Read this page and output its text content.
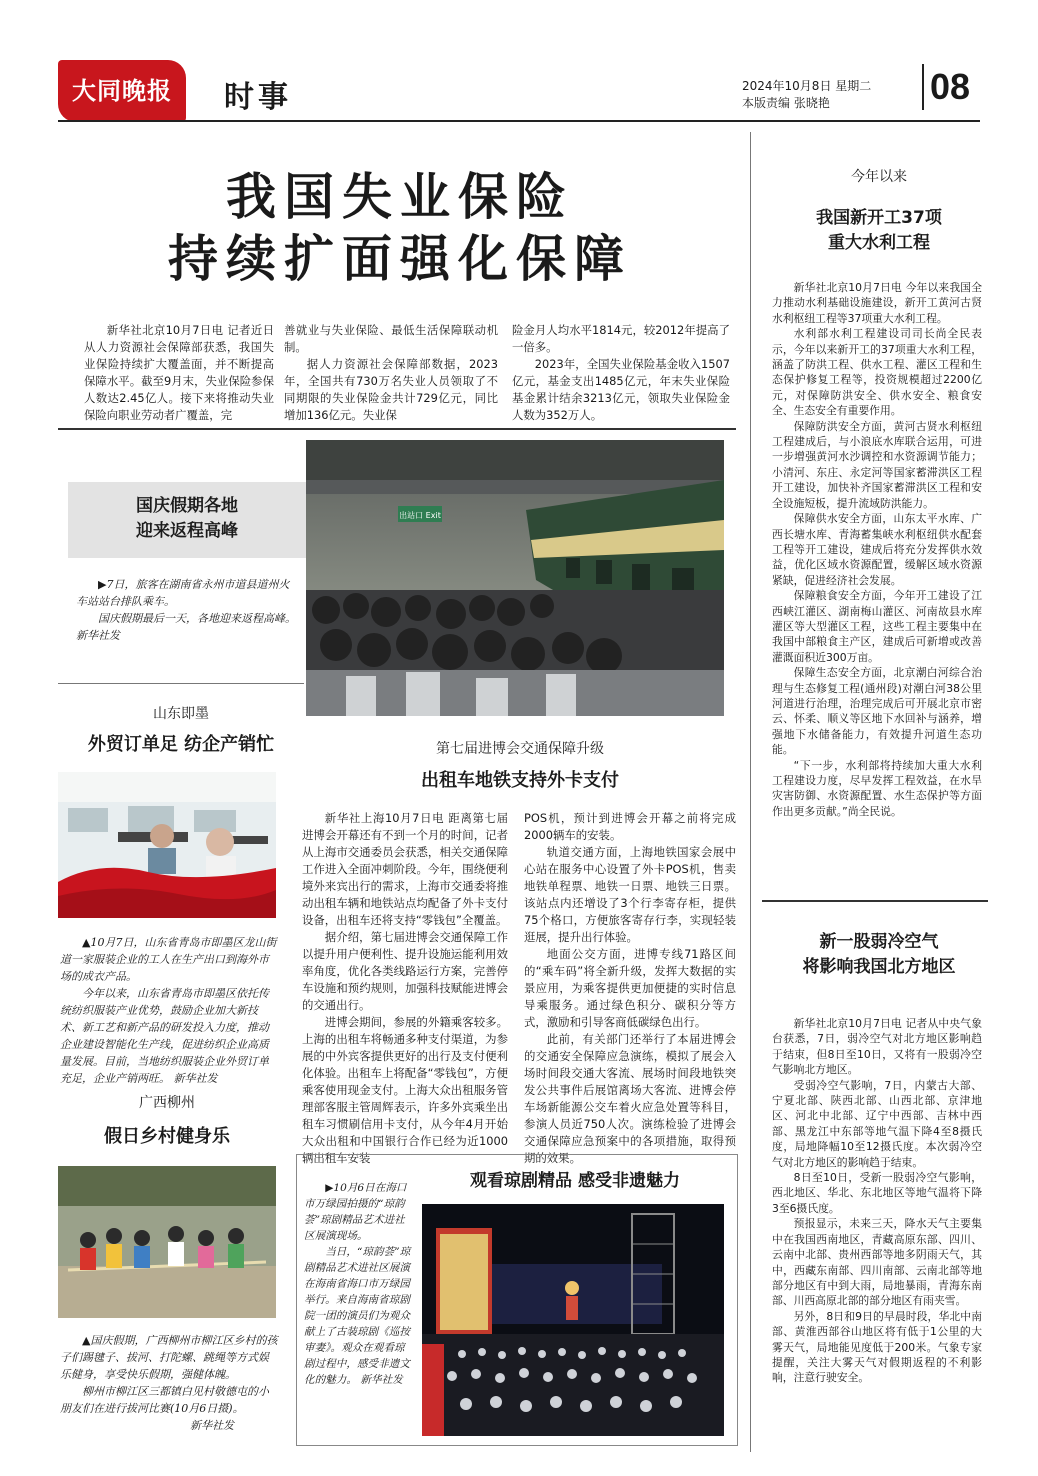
大同晚报	时事	2024年10月8日 星期二
本版责编 张晓艳	08
我国失业保险
持续扩面强化保障

新华社北京10月7日电 记者近日从人力资源社会保障部获悉，我国失业保险持续扩大覆盖面，并不断提高保障水平。截至9月末，失业保险参保人数达2.45亿人。接下来将推动失业保险向职业劳动者广覆盖，完

善就业与失业保险、最低生活保障联动机制。

据人力资源社会保障部数据，2023年，全国共有730万名失业人员领取了不同期限的失业保险金共计729亿元，同比增加136亿元。失业保

险金月人均水平1814元，较2012年提高了一倍多。

2023年，全国失业保险基金收入1507亿元，基金支出1485亿元，年末失业保险基金累计结余3213亿元，领取失业保险金人数为352万人。

国庆假期各地
迎来返程高峰
出站口 Exit

▶7日，旅客在湖南省永州市道县道州火车站站台排队乘车。

国庆假期最后一天，各地迎来返程高峰。 新华社发

山东即墨
外贸订单足 纺企产销忙

▲10月7日，山东省青岛市即墨区龙山街道一家服装企业的工人在生产出口到海外市场的成衣产品。

今年以来，山东省青岛市即墨区依托传统纺织服装产业优势，鼓励企业加大新技术、新工艺和新产品的研发投入力度，推动企业建设智能化生产线，促进纺织企业高质量发展。目前，当地纺织服装企业外贸订单充足，企业产销两旺。 新华社发

广西柳州
假日乡村健身乐

▲国庆假期，广西柳州市柳江区乡村的孩子们踢毽子、拔河、打陀螺、跳绳等方式娱乐健身，享受快乐假期，强健体魄。

柳州市柳江区三都镇白见村敬德屯的小朋友们在进行拔河比赛(10月6日摄)。

新华社发
第七届进博会交通保障升级
出租车地铁支持外卡支付

新华社上海10月7日电 距离第七届进博会开幕还有不到一个月的时间，记者从上海市交通委员会获悉，相关交通保障工作进入全面冲刺阶段。今年，围绕便利境外来宾出行的需求，上海市交通委将推动出租车辆和地铁站点均配备了外卡支付设备，出租车还将支持“零钱包”全覆盖。

据介绍，第七届进博会交通保障工作以提升用户便利性、提升设施运能利用效率角度，优化各类线路运行方案，完善停车设施和预约规则，加强科技赋能进博会的交通出行。

进博会期间，参展的外籍乘客较多。上海的出租车将畅通多种支付渠道，为参展的中外宾客提供更好的出行及支付便利化体验。出租车上将配备“零钱包”，方便乘客使用现金支付。上海大众出租服务管理部客服主管周辉表示，许多外宾乘坐出租车习惯刷信用卡支付，从今年4月开始大众出租和中国银行合作已经为近1000辆出租车安装

POS机，预计到进博会开幕之前将完成2000辆车的安装。

轨道交通方面，上海地铁国家会展中心站在服务中心设置了外卡POS机，售卖地铁单程票、地铁一日票、地铁三日票。该站点内还增设了3个行李寄存柜，提供75个格口，方便旅客寄存行李，实现轻装逛展，提升出行体验。

地面公交方面，进博专线71路区间的“乘车码”将全新升级，发挥大数据的实景应用，为乘客提供更加便捷的实时信息导乘服务。通过绿色积分、碳积分等方式，激励和引导客商低碳绿色出行。

此前，有关部门还举行了本届进博会的交通安全保障应急演练，模拟了展会入场时间段交通大客流、展场时间段地铁突发公共事件后展馆离场大客流、进博会停车场新能源公交车着火应急处置等科目，参演人员近750人次。演练检验了进博会交通保障应急预案中的各项措施，取得预期的效果。

观看琼剧精品 感受非遗魅力

▶10月6日在海口市万绿园拍摄的“琼韵荟”琼剧精品艺术进社区展演现场。

当日，“琼韵荟”琼剧精品艺术进社区展演在海南省海口市万绿园举行。来自海南省琼剧院一团的演员们为观众献上了古装琼剧《巡按审妻》。观众在观看琼剧过程中，感受非遗文化的魅力。 新华社发

今年以来
我国新开工37项
重大水利工程

新华社北京10月7日电 今年以来我国全力推动水利基础设施建设，新开工黄河古贤水利枢纽工程等37项重大水利工程。

水利部水利工程建设司司长尚全民表示，今年以来新开工的37项重大水利工程，涵盖了防洪工程、供水工程、灌区工程和生态保护修复工程等，投资规模超过2200亿元，对保障防洪安全、供水安全、粮食安全、生态安全有重要作用。

保障防洪安全方面，黄河古贤水利枢纽工程建成后，与小浪底水库联合运用，可进一步增强黄河水沙调控和水资源调节能力；小清河、东庄、永定河等国家蓄滞洪区工程开工建设，加快补齐国家蓄滞洪区工程和安全设施短板，提升流域防洪能力。

保障供水安全方面，山东太平水库、广西长塘水库、青海蓄集峡水利枢纽供水配套工程等开工建设，建成后将充分发挥供水效益，优化区域水资源配置，缓解区域水资源紧缺，促进经济社会发展。

保障粮食安全方面，今年开工建设了江西峡江灌区、湖南梅山灌区、河南故县水库灌区等大型灌区工程，这些工程主要集中在我国中部粮食主产区，建成后可新增或改善灌溉面积近300万亩。

保障生态安全方面，北京潮白河综合治理与生态修复工程(通州段)对潮白河38公里河道进行治理，治理完成后可开展北京市密云、怀柔、顺义等区地下水回补与涵养，增强地下水储备能力，有效提升河道生态功能。

“下一步，水利部将持续加大重大水利工程建设力度，尽早发挥工程效益，在水旱灾害防御、水资源配置、水生态保护等方面作出更多贡献。”尚全民说。

新一股弱冷空气
将影响我国北方地区

新华社北京10月7日电 记者从中央气象台获悉，7日，弱冷空气对北方地区影响趋于结束，但8日至10日，又将有一股弱冷空气影响北方地区。

受弱冷空气影响，7日，内蒙古大部、宁夏北部、陕西北部、山西北部、京津地区、河北中北部、辽宁中西部、吉林中西部、黑龙江中东部等地气温下降4至8摄氏度，局地降幅10至12摄氏度。本次弱冷空气对北方地区的影响趋于结束。

8日至10日，受新一股弱冷空气影响，西北地区、华北、东北地区等地气温将下降3至6摄氏度。

预报显示，未来三天，降水天气主要集中在我国西南地区，青藏高原东部、四川、云南中北部、贵州西部等地多阴雨天气，其中，西藏东南部、四川南部、云南北部等地部分地区有中到大雨，局地暴雨，青海东南部、川西高原北部的部分地区有雨夹雪。

另外，8日和9日的早晨时段，华北中南部、黄淮西部谷山地区将有低于1公里的大雾天气，局地能见度低于200米。气象专家提醒，关注大雾天气对假期返程的不利影响，注意行驶安全。
